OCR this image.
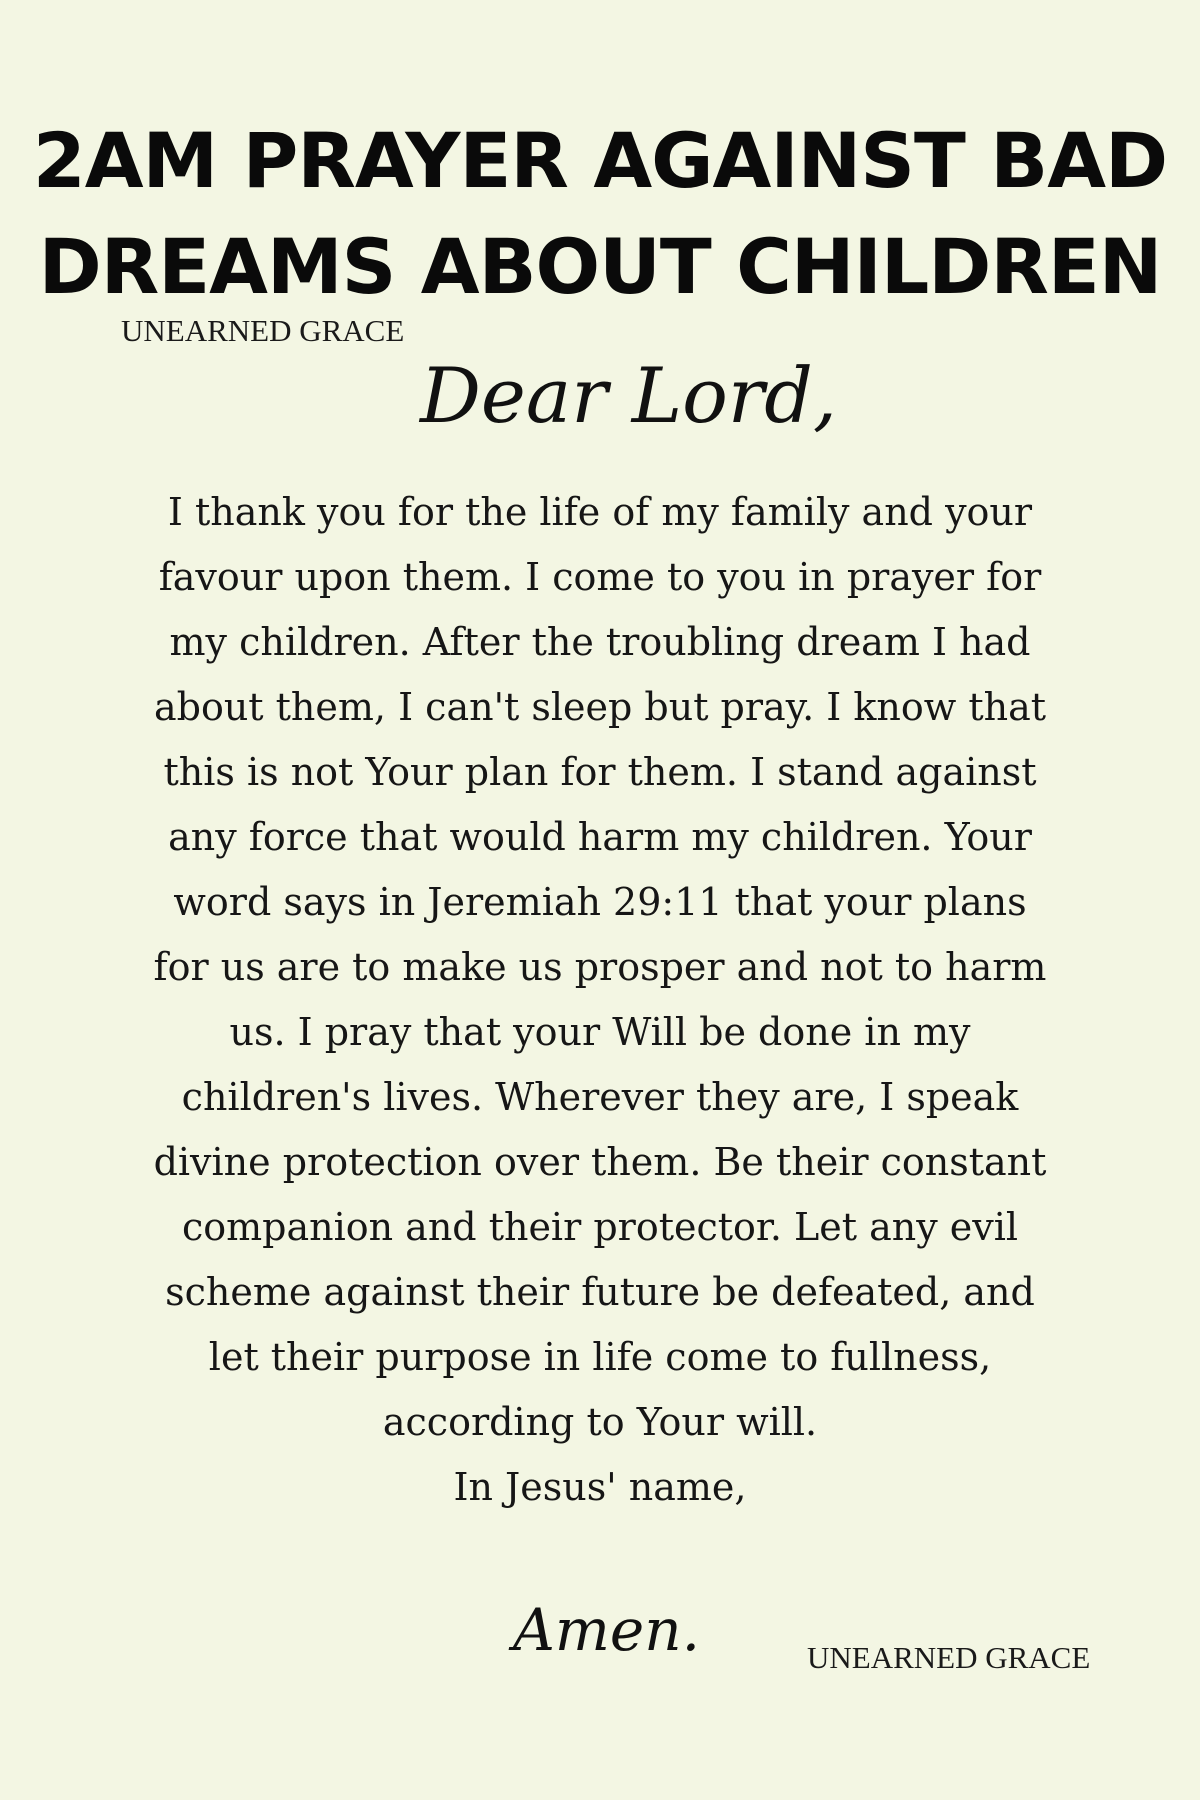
2AM PRAYER AGAINST BAD
DREAMS ABOUT CHILDREN
UNEARNED GRACE
Dear Lord,
I thank you for the life of my family and your
favour upon them. I come to you in prayer for
my children. After the troubling dream I had
about them, I can't sleep but pray. I know that
this is not Your plan for them. I stand against
any force that would harm my children. Your
word says in Jeremiah 29:11 that your plans
for us are to make us prosper and not to harm
us. I pray that your Will be done in my
children's lives. Wherever they are, I speak
divine protection over them. Be their constant
companion and their protector. Let any evil
scheme against their future be defeated, and
let their purpose in life come to fullness,
according to Your will.
In Jesus' name,
Amen.	UNEARNED GRACE
